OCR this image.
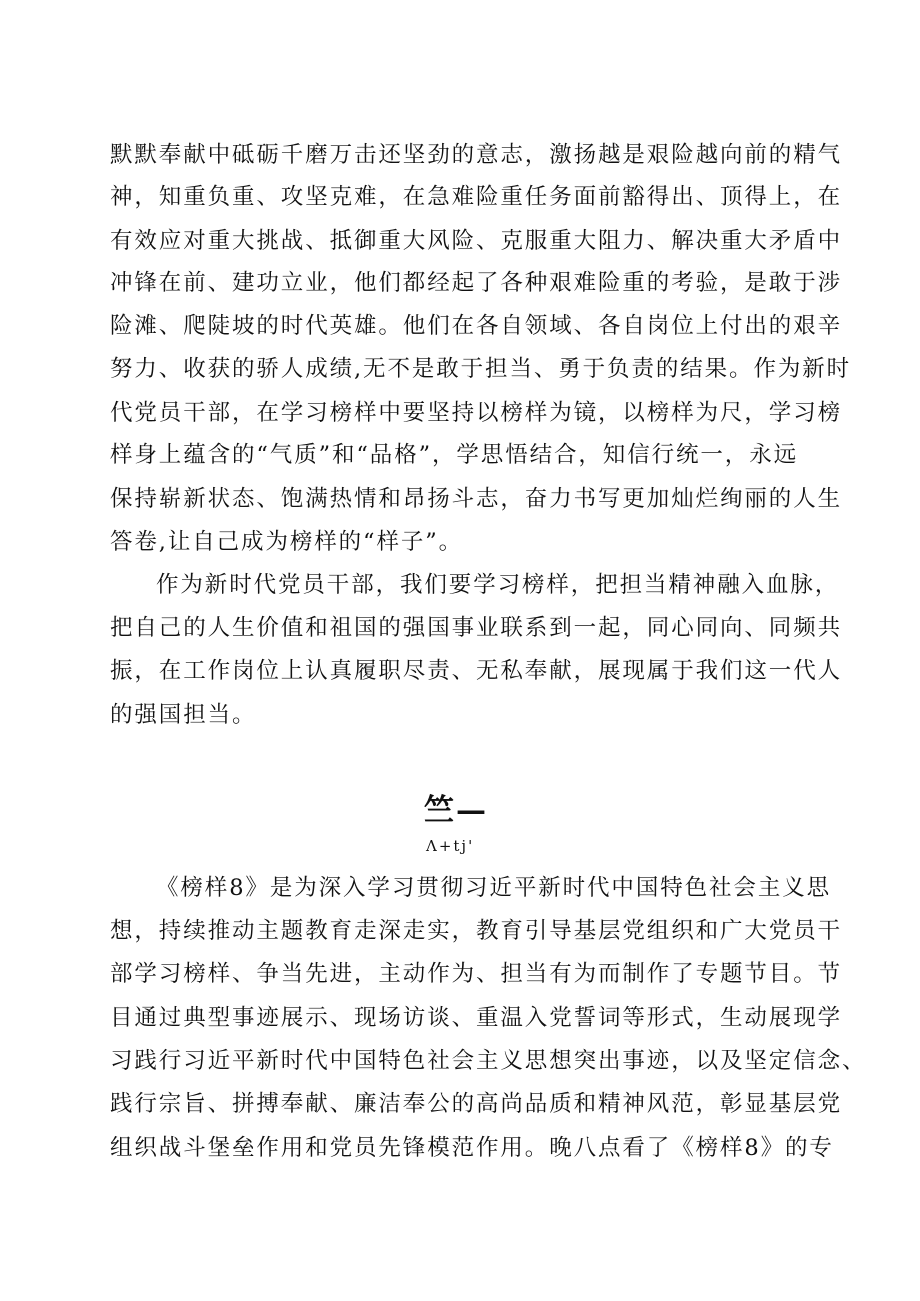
默默奉献中砥砺千磨万击还坚劲的意志，激扬越是艰险越向前的精气
神，知重负重、攻坚克难，在急难险重任务面前豁得出、顶得上，在
有效应对重大挑战、抵御重大风险、克服重大阻力、解决重大矛盾中
冲锋在前、建功立业，他们都经起了各种艰难险重的考验，是敢于涉
险滩、爬陡坡的时代英雄。他们在各自领域、各自岗位上付出的艰辛
努力、收获的骄人成绩,无不是敢于担当、勇于负责的结果。作为新时
代党员干部，在学习榜样中要坚持以榜样为镜，以榜样为尺，学习榜
样身上蕴含的“气质”和“品格”，学思悟结合，知信行统一，永远
保持崭新状态、饱满热情和昂扬斗志，奋力书写更加灿烂绚丽的人生
答卷,让自己成为榜样的“样子”。
作为新时代党员干部，我们要学习榜样，把担当精神融入血脉，
把自己的人生价值和祖国的强国事业联系到一起，同心同向、同频共
振，在工作岗位上认真履职尽责、无私奉献，展现属于我们这一代人
的强国担当。
竺—
Λ+tj'
《榜样8》是为深入学习贯彻习近平新时代中国特色社会主义思
想，持续推动主题教育走深走实，教育引导基层党组织和广大党员干
部学习榜样、争当先进，主动作为、担当有为而制作了专题节目。节
目通过典型事迹展示、现场访谈、重温入党誓词等形式，生动展现学
习践行习近平新时代中国特色社会主义思想突出事迹，以及坚定信念、
践行宗旨、拼搏奉献、廉洁奉公的高尚品质和精神风范，彰显基层党
组织战斗堡垒作用和党员先锋模范作用。晚八点看了《榜样8》的专
